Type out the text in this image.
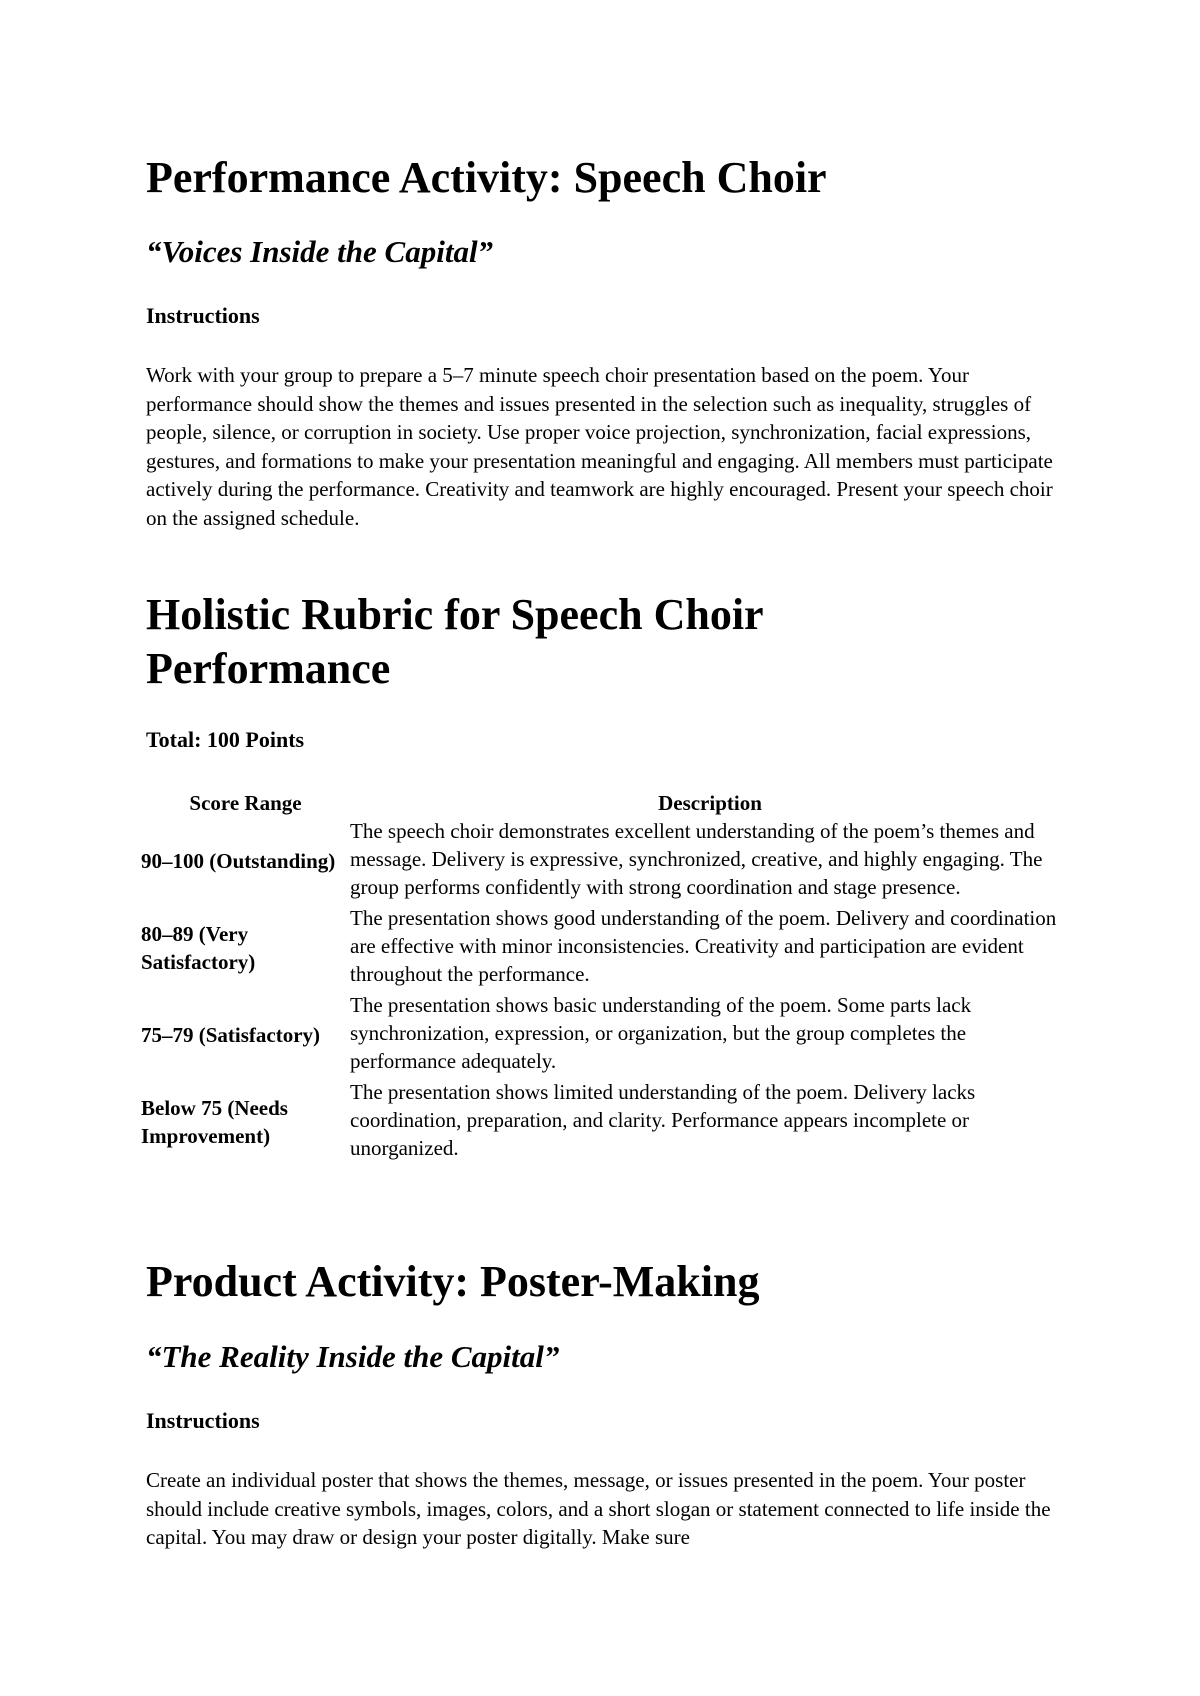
Performance Activity: Speech Choir
“Voices Inside the Capital”
Instructions

Work with your group to prepare a 5–7 minute speech choir presentation based on the poem. Your performance should show the themes and issues presented in the selection such as inequality, struggles of people, silence, or corruption in society. Use proper voice projection, synchronization, facial expressions, gestures, and formations to make your presentation meaningful and engaging. All members must participate actively during the performance. Creativity and teamwork are highly encouraged. Present your speech choir on the assigned schedule.

Holistic Rubric for Speech Choir
Performance
Total: 100 Points
Score Range	Description
90–100 (Outstanding)	The speech choir demonstrates excellent understanding of the poem’s themes and message. Delivery is expressive, synchronized, creative, and highly engaging. The group performs confidently with strong coordination and stage presence.
80–89 (Very Satisfactory)	The presentation shows good understanding of the poem. Delivery and coordination are effective with minor inconsistencies. Creativity and participation are evident throughout the performance.
75–79 (Satisfactory)	The presentation shows basic understanding of the poem. Some parts lack synchronization, expression, or organization, but the group completes the performance adequately.
Below 75 (Needs Improvement)	The presentation shows limited understanding of the poem. Delivery lacks coordination, preparation, and clarity. Performance appears incomplete or unorganized.
Product Activity: Poster-Making
“The Reality Inside the Capital”
Instructions

Create an individual poster that shows the themes, message, or issues presented in the poem. Your poster should include creative symbols, images, colors, and a short slogan or statement connected to life inside the capital. You may draw or design your poster digitally. Make sure
